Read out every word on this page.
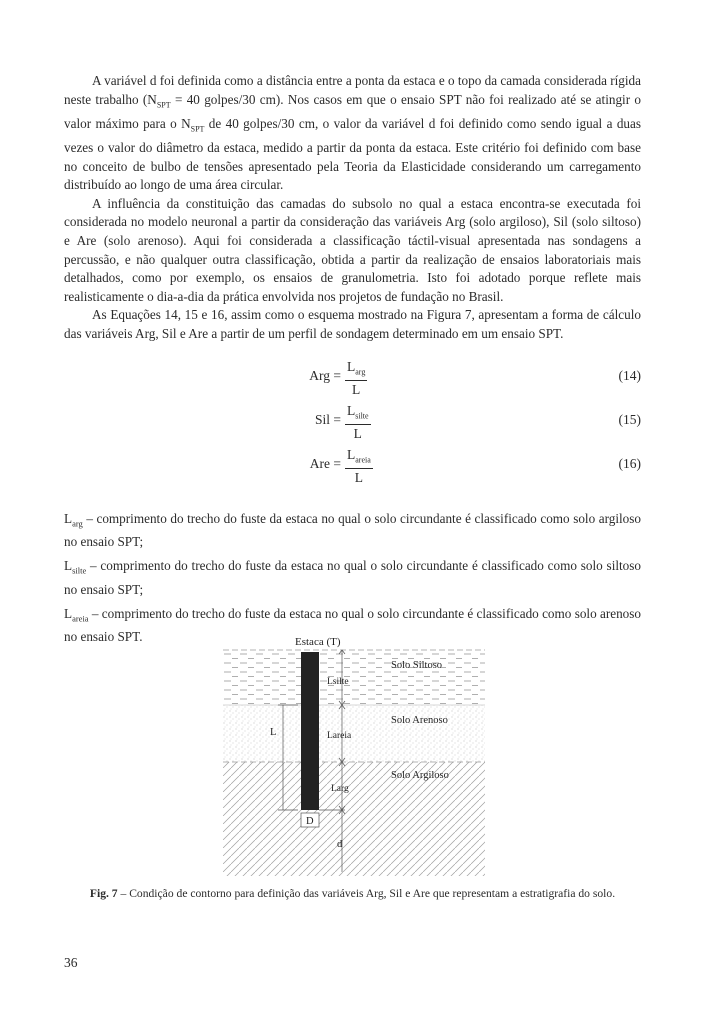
A variável d foi definida como a distância entre a ponta da estaca e o topo da camada considerada rígida neste trabalho ($N_{SPT} = 40$ golpes/30 cm). Nos casos em que o ensaio SPT não foi realizado até se atingir o valor máximo para o $N_{SPT}$ de 40 golpes/30 cm, o valor da variável d foi definido como sendo igual a duas vezes o valor do diâmetro da estaca, medido a partir da ponta da estaca. Este critério foi definido com base no conceito de bulbo de tensões apresentado pela Teoria da Elasticidade considerando um carregamento distribuído ao longo de uma área circular.

A influência da constituição das camadas do subsolo no qual a estaca encontra-se executada foi considerada no modelo neuronal a partir da consideração das variáveis Arg (solo argiloso), Sil (solo siltoso) e Are (solo arenoso). Aqui foi considerada a classificação táctil-visual apresentada nas sondagens a percussão, e não qualquer outra classificação, obtida a partir da realização de ensaios laboratoriais mais detalhados, como por exemplo, os ensaios de granulometria. Isto foi adotado porque reflete mais realisticamente o dia-a-dia da prática envolvida nos projetos de fundação no Brasil.

As Equações 14, 15 e 16, assim como o esquema mostrado na Figura 7, apresentam a forma de cálculo das variáveis Arg, Sil e Are a partir de um perfil de sondagem determinado em um ensaio SPT.

Arg =
$L_{arg}$
L
(14)
Sil =
$L_{silte}$
L
(15)
Are =
$L_{areia}$
L
(16)

$L_{arg}$ – comprimento do trecho do fuste da estaca no qual o solo circundante é classificado como solo argiloso no ensaio SPT;

$L_{silte}$ – comprimento do trecho do fuste da estaca no qual o solo circundante é classificado como solo siltoso no ensaio SPT;

$L_{areia}$ – comprimento do trecho do fuste da estaca no qual o solo circundante é classificado como solo arenoso no ensaio SPT.	Estaca (T)
Solo Siltoso
Solo Arenoso
Solo Argiloso
L
Lsilte
Lareia
Larg
D
d
Fig. 7 – Condição de contorno para definição das variáveis Arg, Sil e Are que representam a estratigrafia do solo.
36
